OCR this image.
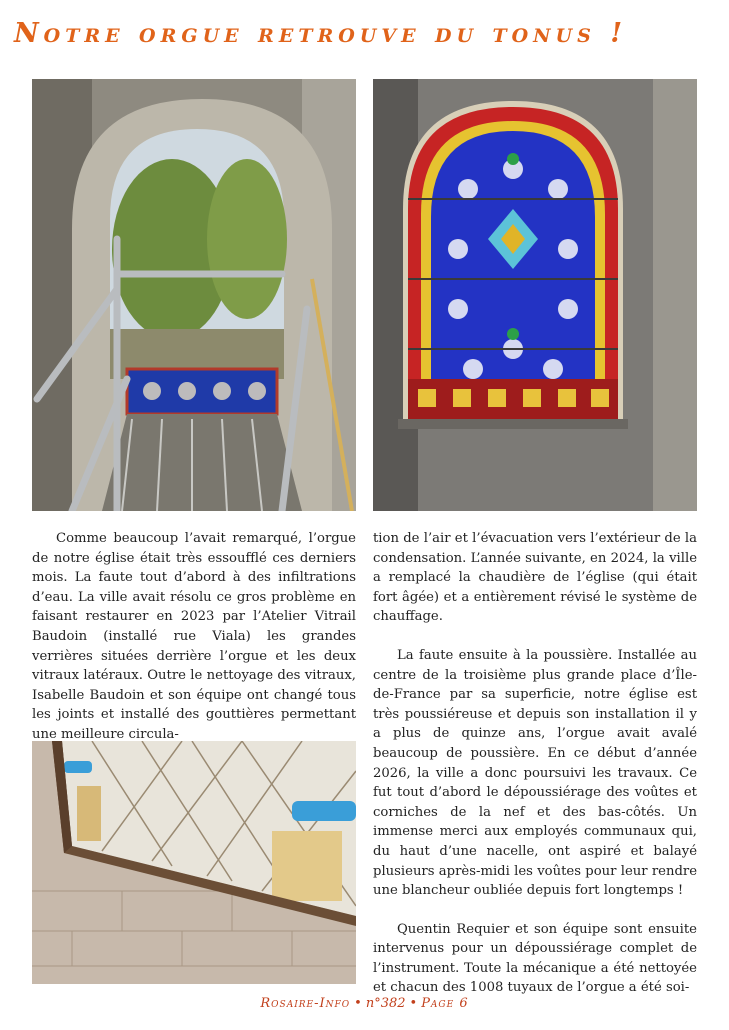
Notre orgue retrouve du tonus !

Comme beaucoup l’avait remarqué, l’orgue de notre église était très essoufflé ces derniers mois. La faute tout d’abord à des infiltrations d’eau. La ville avait résolu ce gros problème en faisant restaurer en 2023 par l’Atelier Vitrail Baudoin (installé rue Viala) les grandes verrières situées derrière l’orgue et les deux vitraux latéraux. Outre le nettoyage des vitraux, Isabelle Baudoin et son équipe ont changé tous les joints et installé des gouttières permettant une meilleure circula-

tion de l’air et l’évacuation vers l’extérieur de la condensation. L’année suivante, en 2024, la ville a remplacé la chaudière de l’église (qui était fort âgée) et a entièrement révisé le système de chauffage.

La faute ensuite à la poussière. Installée au centre de la troisième plus grande place d’Île-de-France par sa superficie, notre église est très poussiéreuse et depuis son installation il y a plus de quinze ans, l’orgue avait avalé beaucoup de poussière. En ce début d’année 2026, la ville a donc poursuivi les travaux. Ce fut tout d’abord le dépoussiérage des voûtes et corniches de la nef et des bas-côtés. Un immense merci aux employés communaux qui, du haut d’une nacelle, ont aspiré et balayé plusieurs après-midi les voûtes pour leur rendre une blancheur oubliée depuis fort longtemps !

Quentin Requier et son équipe sont ensuite intervenus pour un dépoussiérage complet de l’instrument. Toute la mécanique a été nettoyée et chacun des 1008 tuyaux de l’orgue a été soi-

Rosaire-Info • n°382 • Page 6
